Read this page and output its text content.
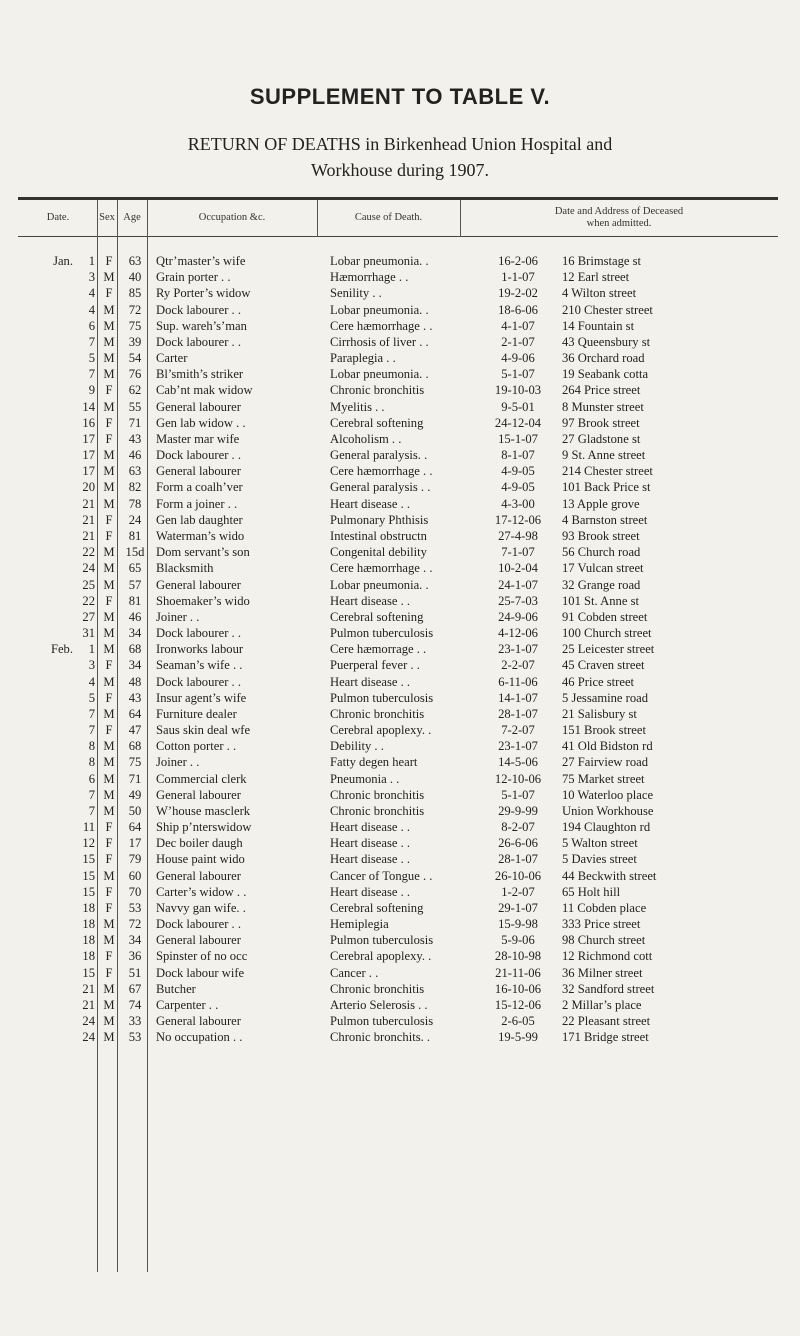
SUPPLEMENT TO TABLE V.
RETURN OF DEATHS in Birkenhead Union Hospital and
Workhouse during 1907.
Date.	Sex Age	Occupation &c.	Cause of Death.
Date and Address of Deceased
when admitted.
Jan.	1	F	63	Qtr’master’s wife	Lobar pneumonia. .	16-2-06	16 Brimstage st
	3	M	40	Grain porter . .	Hæmorrhage . .	1-1-07	12 Earl street
	4	F	85	Ry Porter’s widow	Senility . .	19-2-02	4 Wilton street
	4	M	72	Dock labourer . .	Lobar pneumonia. .	18-6-06	210 Chester street
	6	M	75	Sup. wareh’s’man	Cere hæmorrhage . .	4-1-07	14 Fountain st
	7	M	39	Dock labourer . .	Cirrhosis of liver . .	2-1-07	43 Queensbury st
	5	M	54	Carter	Paraplegia . .	4-9-06	36 Orchard road
	7	M	76	Bl’smith’s striker	Lobar pneumonia. .	5-1-07	19 Seabank cotta
	9	F	62	Cab’nt mak widow	Chronic bronchitis	19-10-03	264 Price street
	14	M	55	General labourer	Myelitis . .	9-5-01	8 Munster street
	16	F	71	Gen lab widow . .	Cerebral softening	24-12-04	97 Brook street
	17	F	43	Master mar wife	Alcoholism . .	15-1-07	27 Gladstone st
	17	M	46	Dock labourer . .	General paralysis. .	8-1-07	9 St. Anne street
	17	M	63	General labourer	Cere hæmorrhage . .	4-9-05	214 Chester street
	20	M	82	Form a coalh’ver	General paralysis . .	4-9-05	101 Back Price st
	21	M	78	Form a joiner . .	Heart disease . .	4-3-00	13 Apple grove
	21	F	24	Gen lab daughter	Pulmonary Phthisis	17-12-06	4 Barnston street
	21	F	81	Waterman’s wido	Intestinal obstructn	27-4-98	93 Brook street
	22	M	15d	Dom servant’s son	Congenital debility	7-1-07	56 Church road
	24	M	65	Blacksmith	Cere hæmorrhage . .	10-2-04	17 Vulcan street
	25	M	57	General labourer	Lobar pneumonia. .	24-1-07	32 Grange road
	22	F	81	Shoemaker’s wido	Heart disease . .	25-7-03	101 St. Anne st
	27	M	46	Joiner . .	Cerebral softening	24-9-06	91 Cobden street
	31	M	34	Dock labourer . .	Pulmon tuberculosis	4-12-06	100 Church street
Feb.	1	M	68	Ironworks labour	Cere hæmorrage . .	23-1-07	25 Leicester street
	3	F	34	Seaman’s wife . .	Puerperal fever . .	2-2-07	45 Craven street
	4	M	48	Dock labourer . .	Heart disease . .	6-11-06	46 Price street
	5	F	43	Insur agent’s wife	Pulmon tuberculosis	14-1-07	5 Jessamine road
	7	M	64	Furniture dealer	Chronic bronchitis	28-1-07	21 Salisbury st
	7	F	47	Saus skin deal wfe	Cerebral apoplexy. .	7-2-07	151 Brook street
	8	M	68	Cotton porter . .	Debility . .	23-1-07	41 Old Bidston rd
	8	M	75	Joiner . .	Fatty degen heart	14-5-06	27 Fairview road
	6	M	71	Commercial clerk	Pneumonia . .	12-10-06	75 Market street
	7	M	49	General labourer	Chronic bronchitis	5-1-07	10 Waterloo place
	7	M	50	W’house masclerk	Chronic bronchitis	29-9-99	Union Workhouse
	11	F	64	Ship p’nterswidow	Heart disease . .	8-2-07	194 Claughton rd
	12	F	17	Dec boiler daugh	Heart disease . .	26-6-06	5 Walton street
	15	F	79	House paint wido	Heart disease . .	28-1-07	5 Davies street
	15	M	60	General labourer	Cancer of Tongue . .	26-10-06	44 Beckwith street
	15	F	70	Carter’s widow . .	Heart disease . .	1-2-07	65 Holt hill
	18	F	53	Navvy gan wife. .	Cerebral softening	29-1-07	11 Cobden place
	18	M	72	Dock labourer . .	Hemiplegia	15-9-98	333 Price street
	18	M	34	General labourer	Pulmon tuberculosis	5-9-06	98 Church street
	18	F	36	Spinster of no occ	Cerebral apoplexy. .	28-10-98	12 Richmond cott
	15	F	51	Dock labour wife	Cancer . .	21-11-06	36 Milner street
	21	M	67	Butcher	Chronic bronchitis	16-10-06	32 Sandford street
	21	M	74	Carpenter . .	Arterio Selerosis . .	15-12-06	2 Millar’s place
	24	M	33	General labourer	Pulmon tuberculosis	2-6-05	22 Pleasant street
	24	M	53	No occupation . .	Chronic bronchits. .	19-5-99	171 Bridge street
